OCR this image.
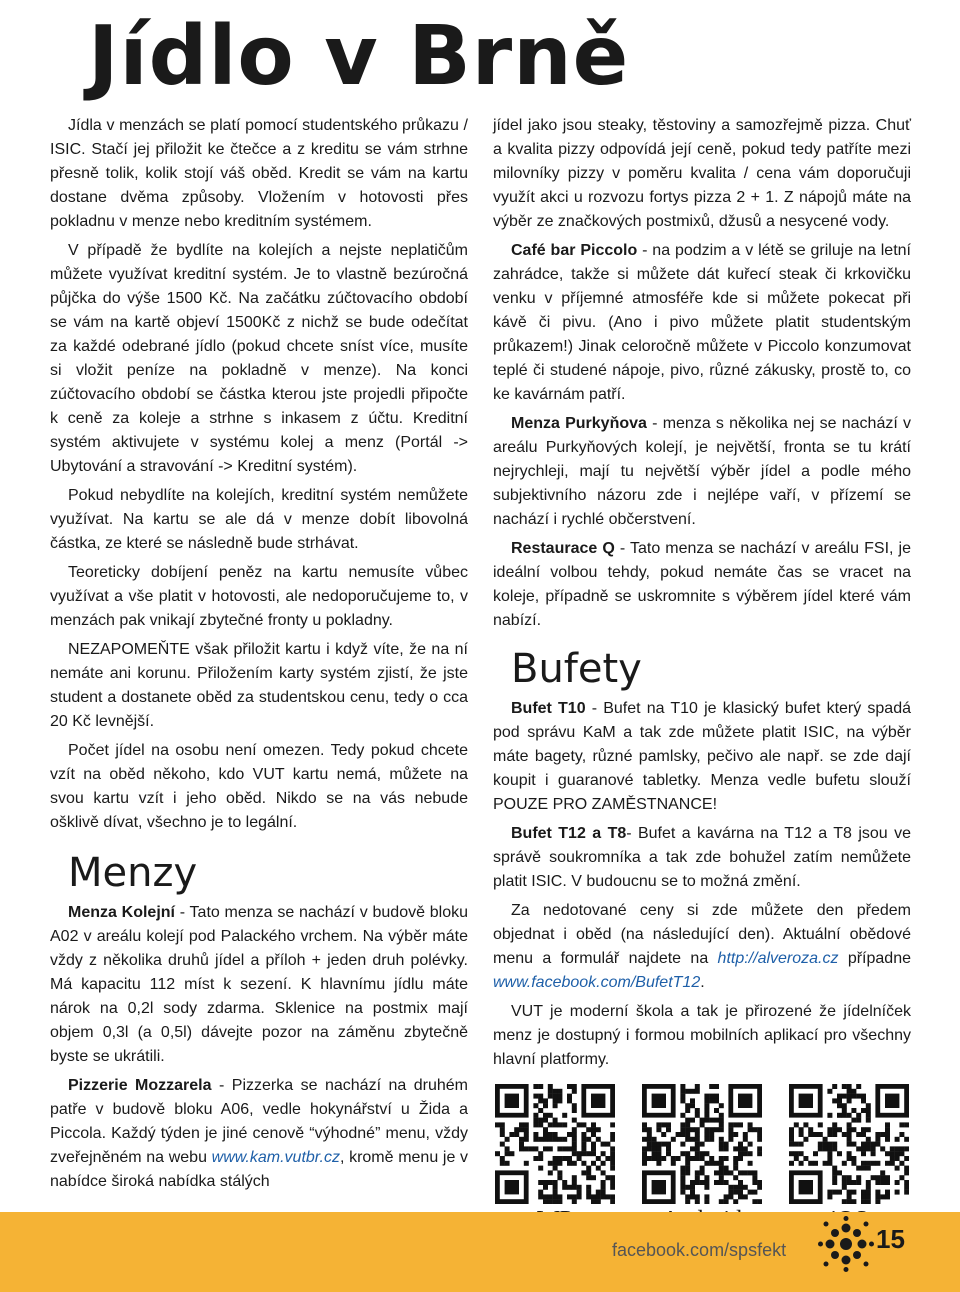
Jídlo v Brně

Jídla v menzách se platí pomocí studentského průkazu / ISIC. Stačí jej přiložit ke čtečce a z kreditu se vám strhne přesně tolik, kolik stojí váš oběd. Kredit se vám na kartu dostane dvěma způsoby. Vložením v hotovosti přes pokladnu v menze nebo kreditním systémem.

V případě že bydlíte na kolejích a nejste neplatičům můžete využívat kreditní systém. Je to vlastně bezúročná půjčka do výše 1500 Kč. Na začátku zúčtovacího období se vám na kartě objeví 1500Kč z nichž se bude odečítat za každé odebrané jídlo (pokud chcete sníst více, musíte si vložit peníze na pokladně v menze). Na konci zúčtovacího období se částka kterou jste projedli připočte k ceně za koleje a strhne s inkasem z účtu. Kreditní systém aktivujete v systému kolej a menz (Portál -> Ubytování a stravování -> Kreditní systém).

Pokud nebydlíte na kolejích, kreditní systém nemůžete využívat. Na kartu se ale dá v menze dobít libovolná částka, ze které se následně bude strhávat.

Teoreticky dobíjení peněz na kartu nemusíte vůbec využívat a vše platit v hotovosti, ale nedoporučujeme to, v menzách pak vnikají zbytečné fronty u pokladny.

NEZAPOMEŇTE však přiložit kartu i když víte, že na ní nemáte ani korunu. Přiložením karty systém zjistí, že jste student a dostanete oběd za studentskou cenu, tedy o cca 20 Kč levnější.

Počet jídel na osobu není omezen. Tedy pokud chcete vzít na oběd někoho, kdo VUT kartu nemá, můžete na svou kartu vzít i jeho oběd. Nikdo se na vás nebude ošklivě dívat, všechno je to legální.

Menzy

Menza Kolejní - Tato menza se nachází v budově bloku A02 v areálu kolejí pod Palackého vrchem. Na výběr máte vždy z několika druhů jídel a příloh + jeden druh polévky. Má kapacitu 112 míst k sezení. K hlavnímu jídlu máte nárok na 0,2l sody zdarma. Sklenice na postmix mají objem 0,3l (a 0,5l) dávejte pozor na záměnu zbytečně byste se ukrátili.

Pizzerie Mozzarela - Pizzerka se nachází na druhém patře v budově bloku A06, vedle hokynářství u Žida a Piccola. Každý týden je jiné cenově “výhodné” menu, vždy zveřejněném na webu www.kam.vutbr.cz, kromě menu je v nabídce široká nabídka stálých

jídel jako jsou steaky, těstoviny a samozřejmě pizza. Chuť a kvalita pizzy odpovídá její ceně, pokud tedy patříte mezi milovníky pizzy v poměru kvalita / cena vám doporučuji využít akci u rozvozu fortys pizza 2 + 1. Z nápojů máte na výběr ze značkových postmixů, džusů a nesycené vody.

Café bar Piccolo - na podzim a v létě se griluje na letní zahrádce, takže si můžete dát kuřecí steak či krkovičku venku v příjemné atmosféře kde si můžete pokecat při kávě či pivu. (Ano i pivo můžete platit studentským průkazem!) Jinak celoročně můžete v Piccolo konzumovat teplé či studené nápoje, pivo, různé zákusky, prostě to, co ke kavárnám patří.

Menza Purkyňova - menza s několika nej se nachází v areálu Purkyňových kolejí, je největší, fronta se tu krátí nejrychleji, mají tu největší výběr jídel a podle mého subjektivního názoru zde i nejlépe vaří, v přízemí se nachází i rychlé občerstvení.

Restaurace Q - Tato menza se nachází v areálu FSI, je ideální volbou tehdy, pokud nemáte čas se vracet na koleje, případně se uskromnite s výběrem jídel které vám nabízí.

Bufety

Bufet T10 - Bufet na T10 je klasický bufet který spadá pod správu KaM a tak zde můžete platit ISIC, na výběr máte bagety, různé pamlsky, pečivo ale např. se zde dají koupit i guaranové tabletky. Menza vedle bufetu slouží POUZE PRO ZAMĚSTNANCE!

Bufet T12 a T8- Bufet a kavárna na T12 a T8 jsou ve správě soukromníka a tak zde bohužel zatím nemůžete platit ISIC. V budoucnu se to možná změní.

Za nedotované ceny si zde můžete den předem objednat i oběd (na následující den). Aktuální obědové menu a formulář najdete na http://alveroza.cz případne www.facebook.com/BufetT12.

VUT je moderní škola a tak je přirozené že jídelníček menz je dostupný i formou mobilních aplikací pro všechny hlavní platformy.

facebook.com/spsfekt	15
